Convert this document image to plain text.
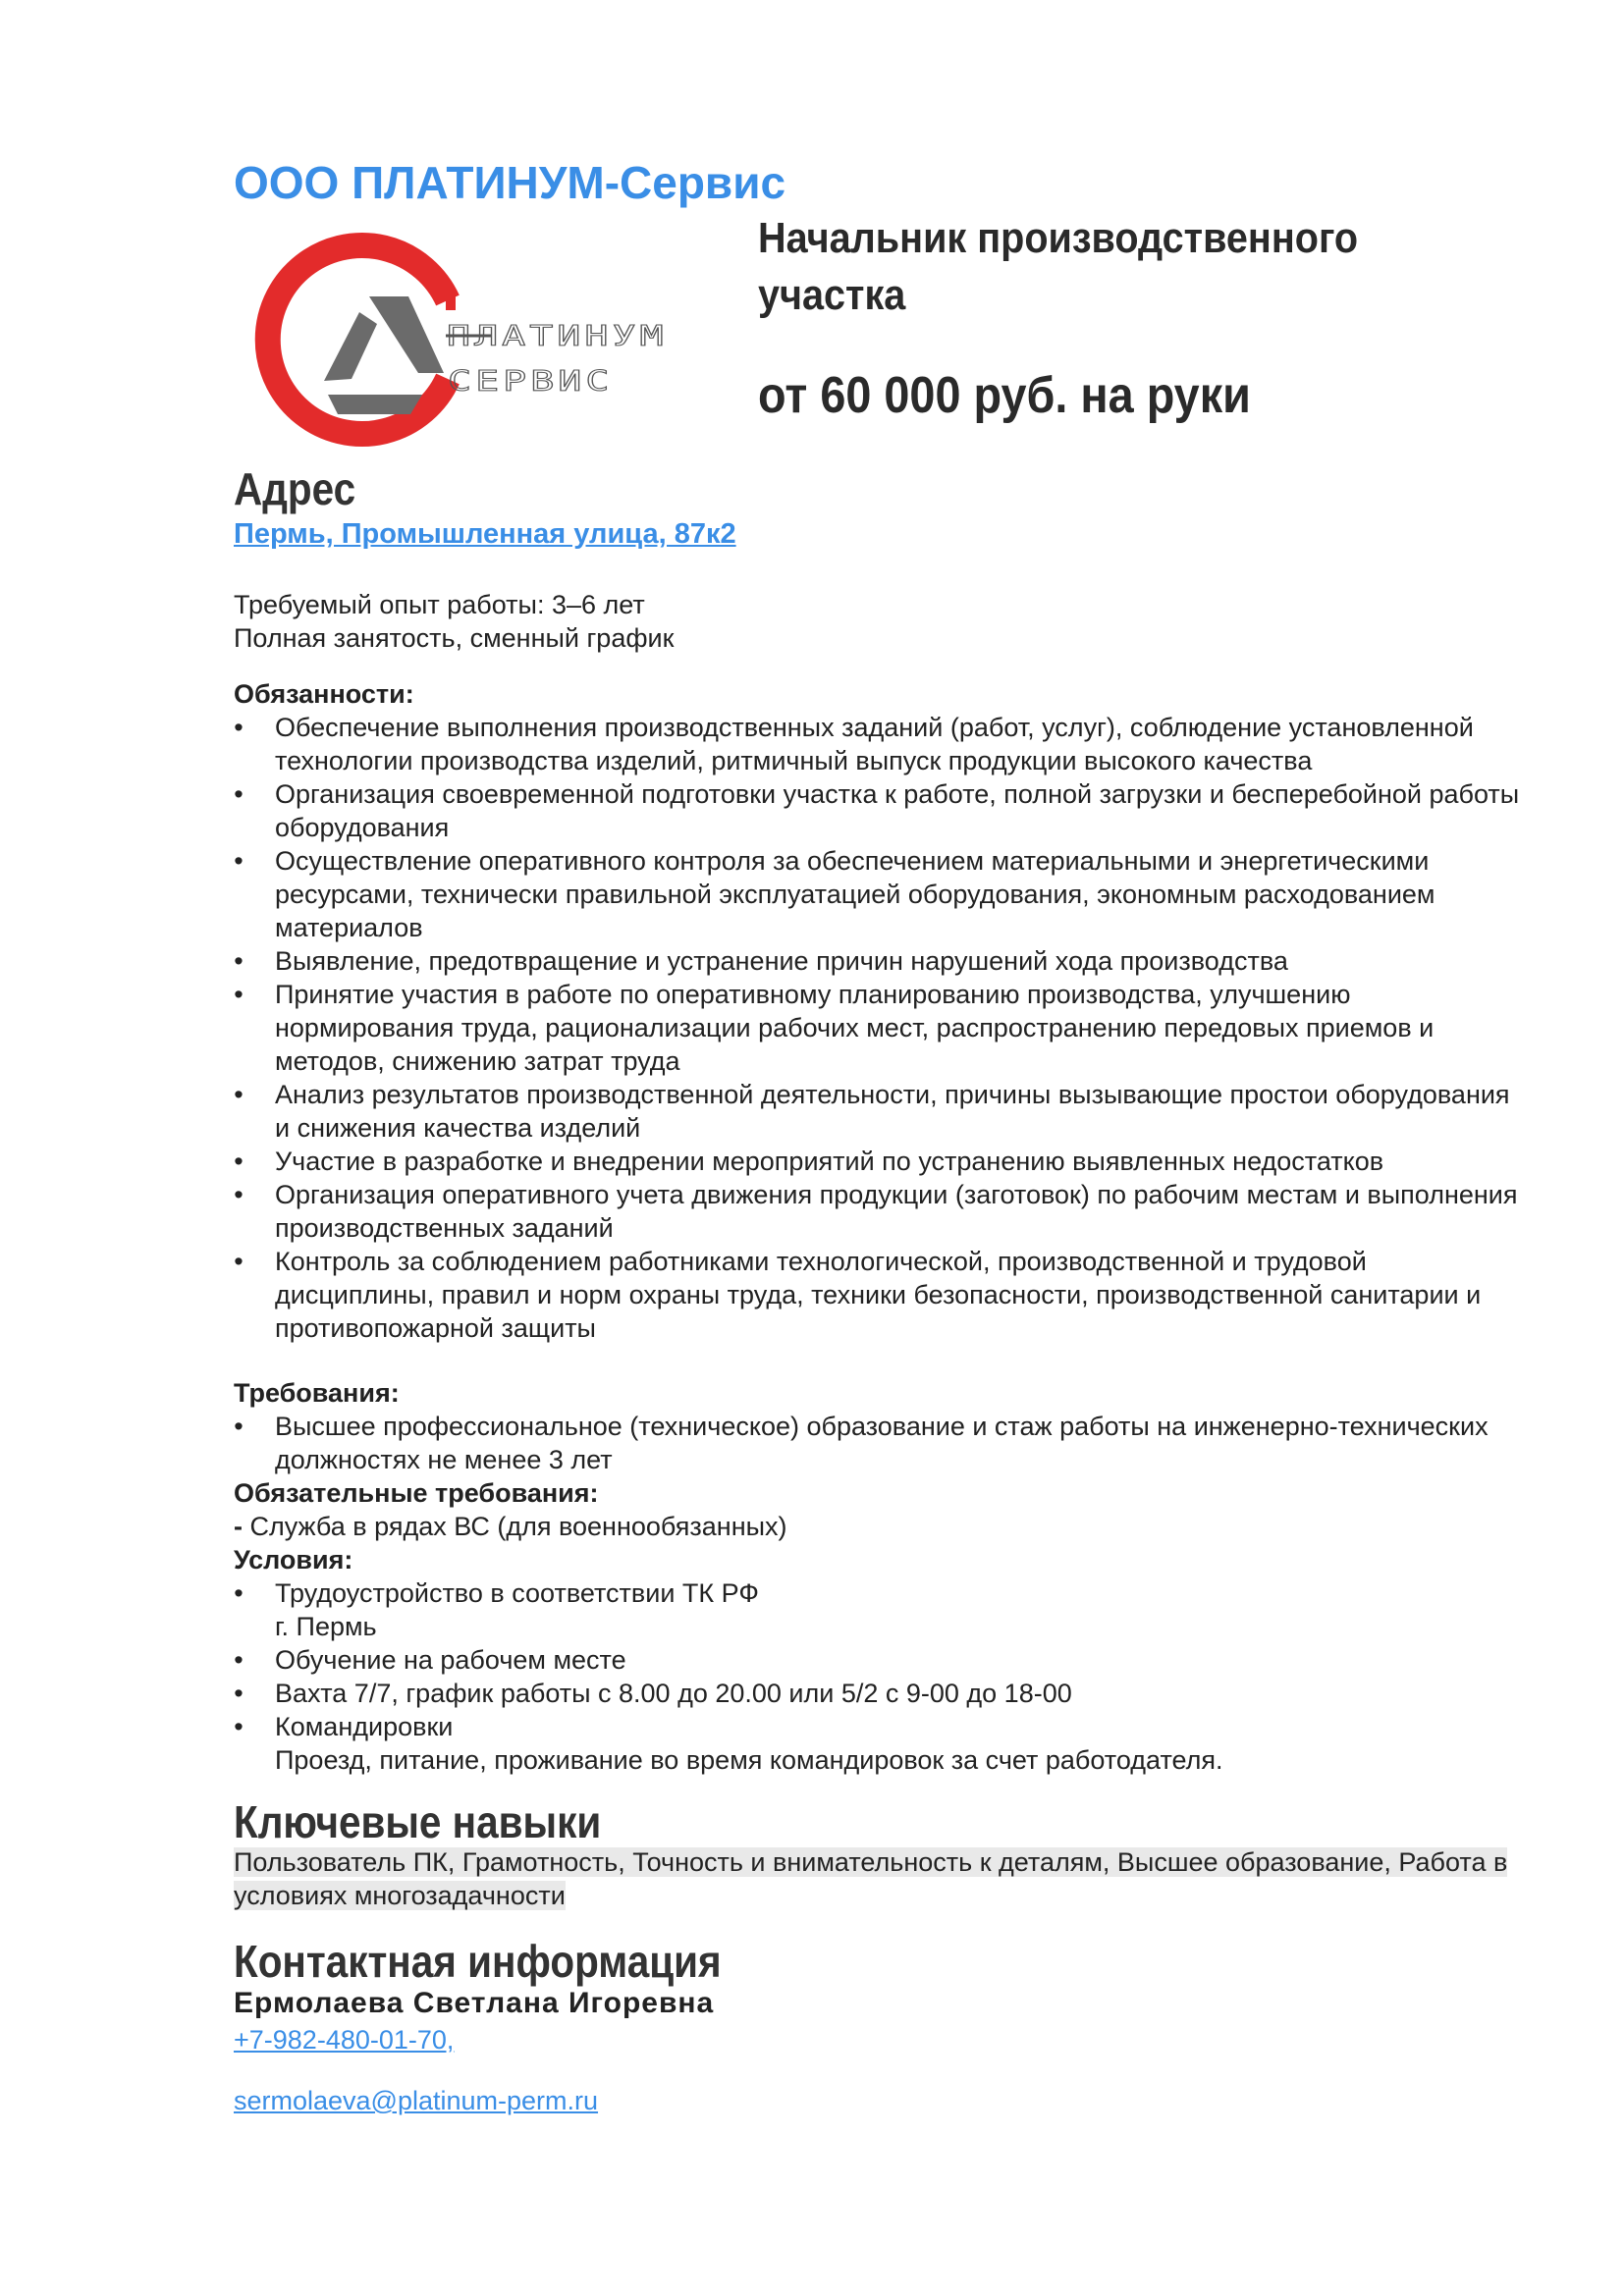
ООО ПЛАТИНУМ-Сервис
ПЛАТИНУМ
СЕРВИС
Начальник производственного участка
от 60 000 руб. на руки
Адрес
Пермь, Промышленная улица, 87к2
Требуемый опыт работы: 3–6 лет
Полная занятость, сменный график
Обязанности:
• Обеспечение выполнения производственных заданий (работ, услуг), соблюдение установленной технологии производства изделий, ритмичный выпуск продукции высокого качества
• Организация своевременной подготовки участка к работе, полной загрузки и бесперебойной работы оборудования
• Осуществление оперативного контроля за обеспечением материальными и энергетическими ресурсами, технически правильной эксплуатацией оборудования, экономным расходованием материалов
• Выявление, предотвращение и устранение причин нарушений хода производства
• Принятие участия в работе по оперативному планированию производства, улучшению нормирования труда, рационализации рабочих мест, распространению передовых приемов и методов, снижению затрат труда
• Анализ результатов производственной деятельности, причины вызывающие простои оборудования и снижения качества изделий
• Участие в разработке и внедрении мероприятий по устранению выявленных недостатков
• Организация оперативного учета движения продукции (заготовок) по рабочим местам и выполнения производственных заданий
• Контроль за соблюдением работниками технологической, производственной и трудовой дисциплины, правил и норм охраны труда, техники безопасности, производственной санитарии и противопожарной защиты
Требования:
• Высшее профессиональное (техническое) образование и стаж работы на инженерно-технических должностях не менее 3 лет
Обязательные требования:
- Служба в рядах ВС (для военнообязанных)
Условия:
• Трудоустройство в соответствии ТК РФ
г. Пермь
• Обучение на рабочем месте
• Вахта 7/7, график работы с 8.00 до 20.00 или 5/2 с 9-00 до 18-00
• Командировки
Проезд, питание, проживание во время командировок за счет работодателя.
Ключевые навыки
Пользователь ПК, Грамотность, Точность и внимательность к деталям, Высшее образование, Работа в условиях многозадачности
Контактная информация
Ермолаева Светлана Игоревна
+7-982-480-01-70,
sermolaeva@platinum-perm.ru
